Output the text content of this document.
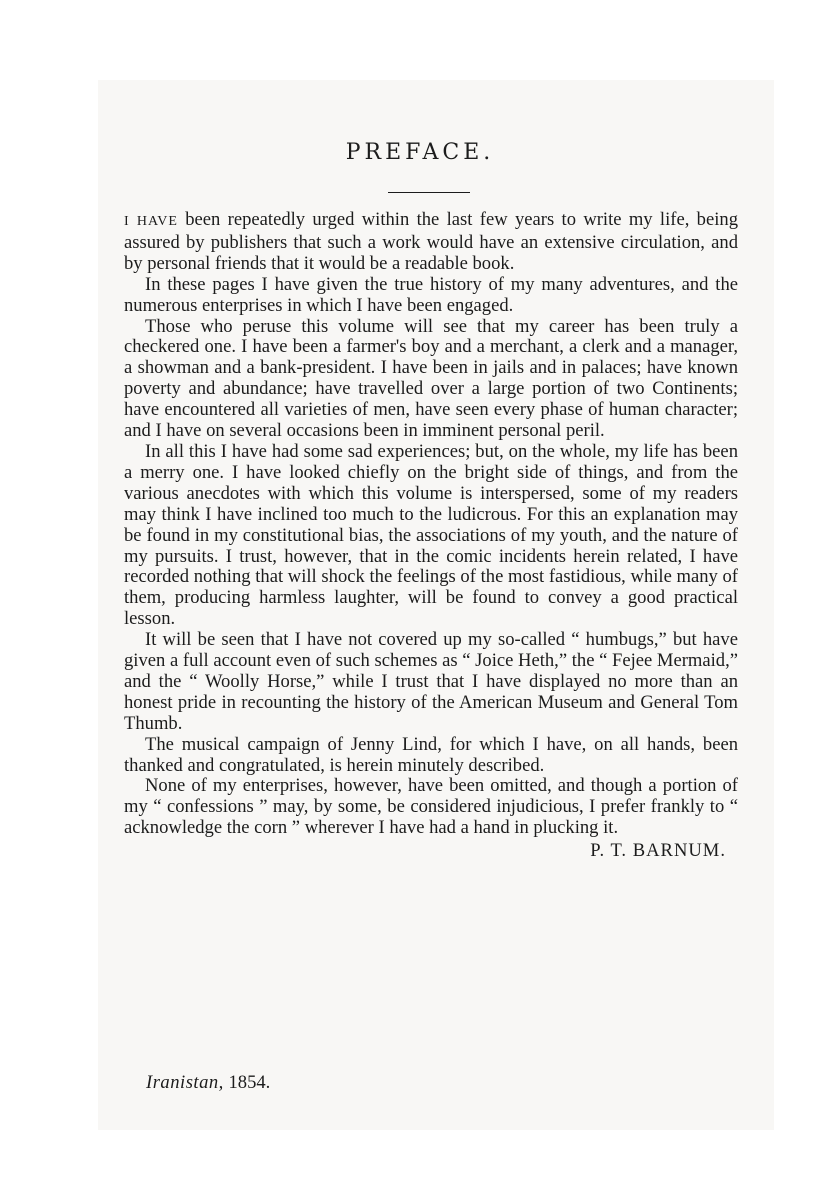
PREFACE.

I HAVE been repeatedly urged within the last few years to write my life, being assured by publishers that such a work would have an extensive circulation, and by personal friends that it would be a readable book.

In these pages I have given the true history of my many adventures, and the numerous enterprises in which I have been engaged.

Those who peruse this volume will see that my career has been truly a checkered one. I have been a farmer's boy and a merchant, a clerk and a manager, a showman and a bank-president. I have been in jails and in palaces; have known poverty and abundance; have travelled over a large portion of two Continents; have encountered all varieties of men, have seen every phase of human character; and I have on several occasions been in imminent personal peril.

In all this I have had some sad experiences; but, on the whole, my life has been a merry one. I have looked chiefly on the bright side of things, and from the various anecdotes with which this volume is interspersed, some of my readers may think I have inclined too much to the ludicrous. For this an explanation may be found in my constitutional bias, the associations of my youth, and the nature of my pursuits. I trust, however, that in the comic incidents herein related, I have recorded nothing that will shock the feelings of the most fastidious, while many of them, producing harmless laughter, will be found to convey a good practical lesson.

It will be seen that I have not covered up my so-called “ humbugs,” but have given a full account even of such schemes as “ Joice Heth,” the “ Fejee Mermaid,” and the “ Woolly Horse,” while I trust that I have displayed no more than an honest pride in recounting the history of the American Museum and General Tom Thumb.

The musical campaign of Jenny Lind, for which I have, on all hands, been thanked and congratulated, is herein minutely described.

None of my enterprises, however, have been omitted, and though a portion of my “ confessions ” may, by some, be considered injudicious, I prefer frankly to “ acknowledge the corn ” wherever I have had a hand in plucking it.

P. T. BARNUM.
Iranistan, 1854.
